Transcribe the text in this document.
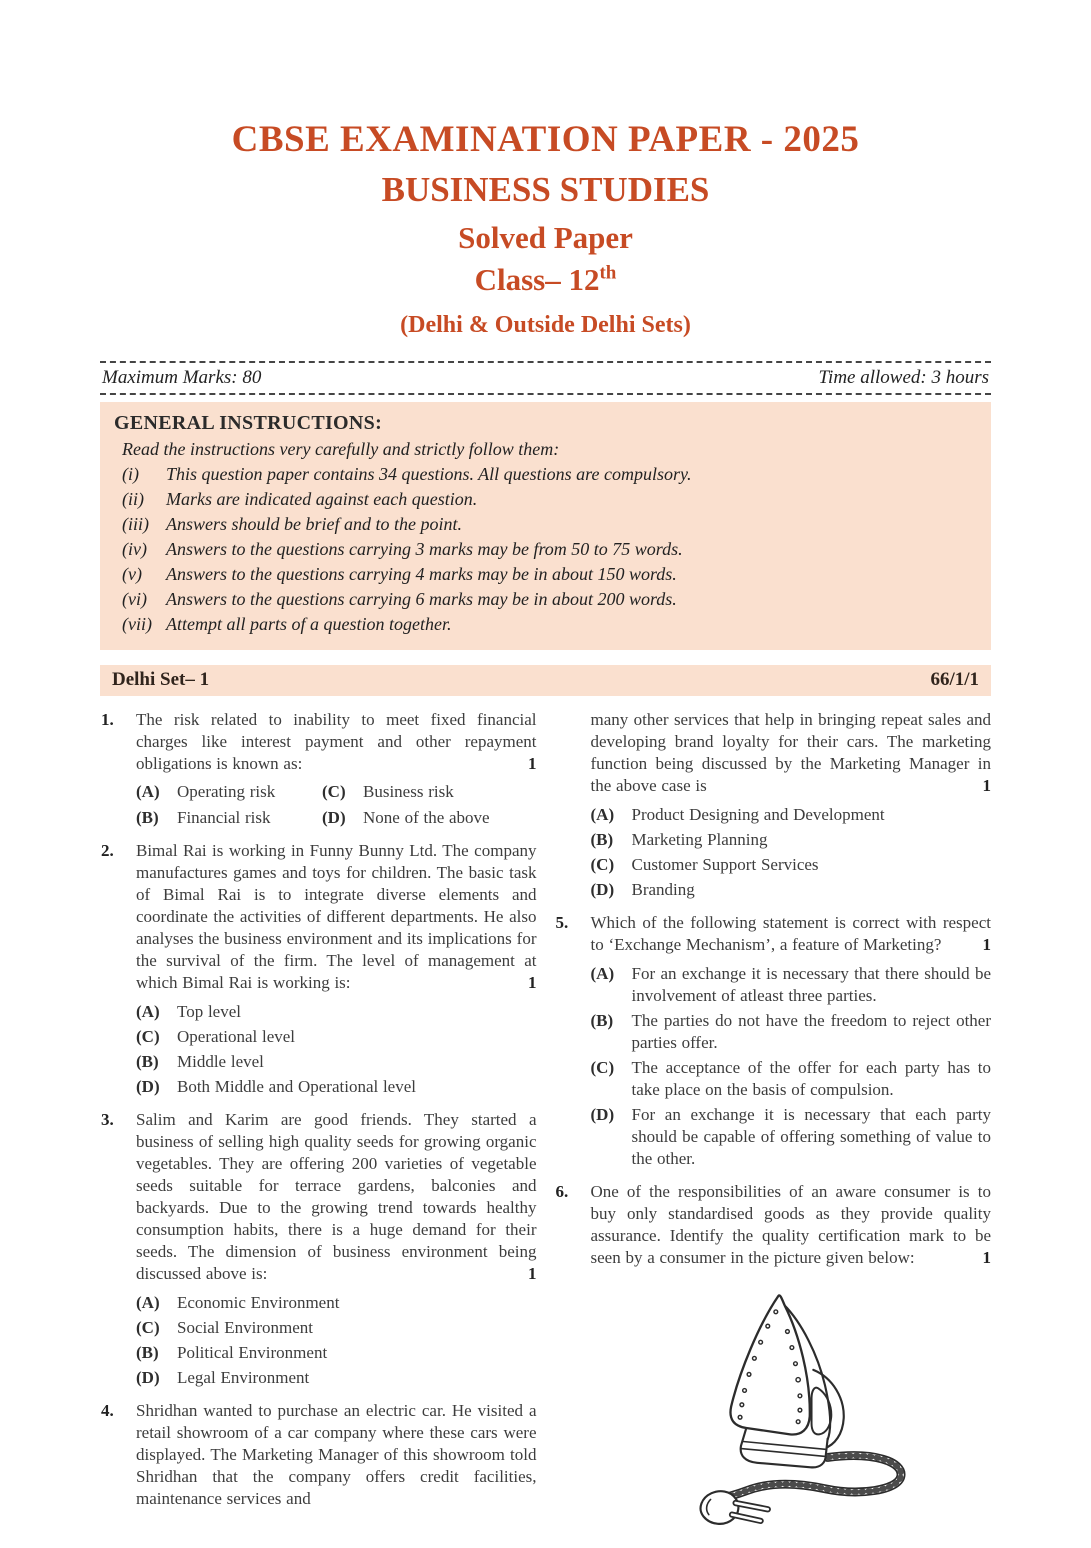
CBSE EXAMINATION PAPER - 2025
BUSINESS STUDIES
Solved Paper
Class– 12th
(Delhi & Outside Delhi Sets)
Maximum Marks: 80	Time allowed: 3 hours
GENERAL INSTRUCTIONS:
Read the instructions very carefully and strictly follow them:
(i)	This question paper contains 34 questions. All questions are compulsory.
(ii)	Marks are indicated against each question.
(iii) Answers should be brief and to the point.
(iv)	Answers to the questions carrying 3 marks may be from 50 to 75 words.
(v)	Answers to the questions carrying 4 marks may be in about 150 words.
(vi)	Answers to the questions carrying 6 marks may be in about 200 words.
(vii) Attempt all parts of a question together.
Delhi Set– 1	66/1/1
1. The risk related to inability to meet fixed financial charges like interest payment and other repayment obligations is known as:	1
(A)	Operating risk	(C)	Business risk
(B)	Financial risk	(D)	None of the above
2. Bimal Rai is working in Funny Bunny Ltd. The company manufactures games and toys for children. The basic task of Bimal Rai is to integrate diverse elements and coordinate the activities of different departments. He also analyses the business environment and its implications for the survival of the firm. The level of management at which Bimal Rai is working is:	1
(A)	Top level
(C)	Operational level
(B)	Middle level
(D)	Both Middle and Operational level
3. Salim and Karim are good friends. They started a business of selling high quality seeds for growing organic vegetables. They are offering 200 varieties of vegetable seeds suitable for terrace gardens, balconies and backyards. Due to the growing trend towards healthy consumption habits, there is a huge demand for their seeds. The dimension of business environment being discussed above is:	1
(A)	Economic Environment
(C)	Social Environment
(B)	Political Environment
(D)	Legal Environment
4. Shridhan wanted to purchase an electric car. He visited a retail showroom of a car company where these cars were displayed. The Marketing Manager of this showroom told Shridhan that the company offers credit facilities, maintenance services and
many other services that help in bringing repeat sales and developing brand loyalty for their cars. The marketing function being discussed by the Marketing Manager in the above case is	1
(A)	Product Designing and Development
(B)	Marketing Planning
(C)	Customer Support Services
(D)	Branding
5. Which of the following statement is correct with respect to ‘Exchange Mechanism’, a feature of Marketing? 1
(A)	For an exchange it is necessary that there should be involvement of atleast three parties.
(B)	The parties do not have the freedom to reject other parties offer.
(C)	The acceptance of the offer for each party has to take place on the basis of compulsion.
(D)	For an exchange it is necessary that each party should be capable of offering something of value to the other.
6. One of the responsibilities of an aware consumer is to buy only standardised goods as they provide quality assurance. Identify the quality certification mark to be seen by a consumer in the picture given below:	1
